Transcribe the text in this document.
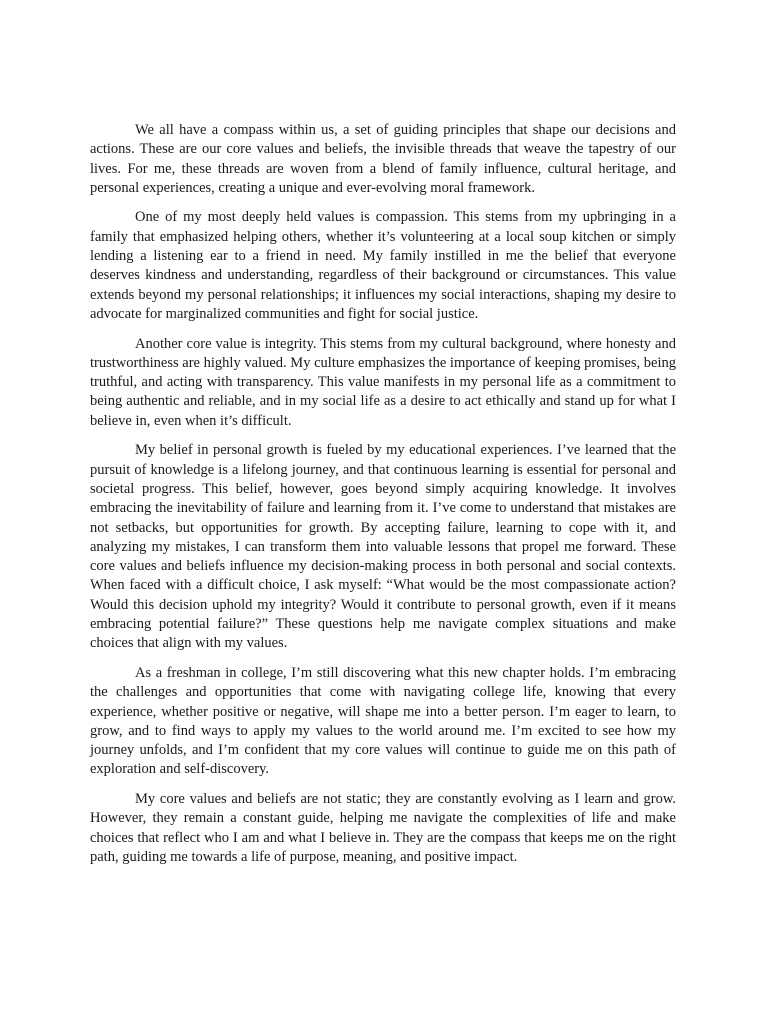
We all have a compass within us, a set of guiding principles that shape our decisions and actions. These are our core values and beliefs, the invisible threads that weave the tapestry of our lives. For me, these threads are woven from a blend of family influence, cultural heritage, and personal experiences, creating a unique and ever-evolving moral framework.

One of my most deeply held values is compassion. This stems from my upbringing in a family that emphasized helping others, whether it’s volunteering at a local soup kitchen or simply lending a listening ear to a friend in need. My family instilled in me the belief that everyone deserves kindness and understanding, regardless of their background or circumstances. This value extends beyond my personal relationships; it influences my social interactions, shaping my desire to advocate for marginalized communities and fight for social justice.

Another core value is integrity. This stems from my cultural background, where honesty and trustworthiness are highly valued. My culture emphasizes the importance of keeping promises, being truthful, and acting with transparency. This value manifests in my personal life as a commitment to being authentic and reliable, and in my social life as a desire to act ethically and stand up for what I believe in, even when it’s difficult.

My belief in personal growth is fueled by my educational experiences. I’ve learned that the pursuit of knowledge is a lifelong journey, and that continuous learning is essential for personal and societal progress. This belief, however, goes beyond simply acquiring knowledge. It involves embracing the inevitability of failure and learning from it. I’ve come to understand that mistakes are not setbacks, but opportunities for growth. By accepting failure, learning to cope with it, and analyzing my mistakes, I can transform them into valuable lessons that propel me forward. These core values and beliefs influence my decision-making process in both personal and social contexts. When faced with a difficult choice, I ask myself: “What would be the most compassionate action? Would this decision uphold my integrity? Would it contribute to personal growth, even if it means embracing potential failure?” These questions help me navigate complex situations and make choices that align with my values.

As a freshman in college, I’m still discovering what this new chapter holds. I’m embracing the challenges and opportunities that come with navigating college life, knowing that every experience, whether positive or negative, will shape me into a better person. I’m eager to learn, to grow, and to find ways to apply my values to the world around me. I’m excited to see how my journey unfolds, and I’m confident that my core values will continue to guide me on this path of exploration and self-discovery.

My core values and beliefs are not static; they are constantly evolving as I learn and grow. However, they remain a constant guide, helping me navigate the complexities of life and make choices that reflect who I am and what I believe in. They are the compass that keeps me on the right path, guiding me towards a life of purpose, meaning, and positive impact.
